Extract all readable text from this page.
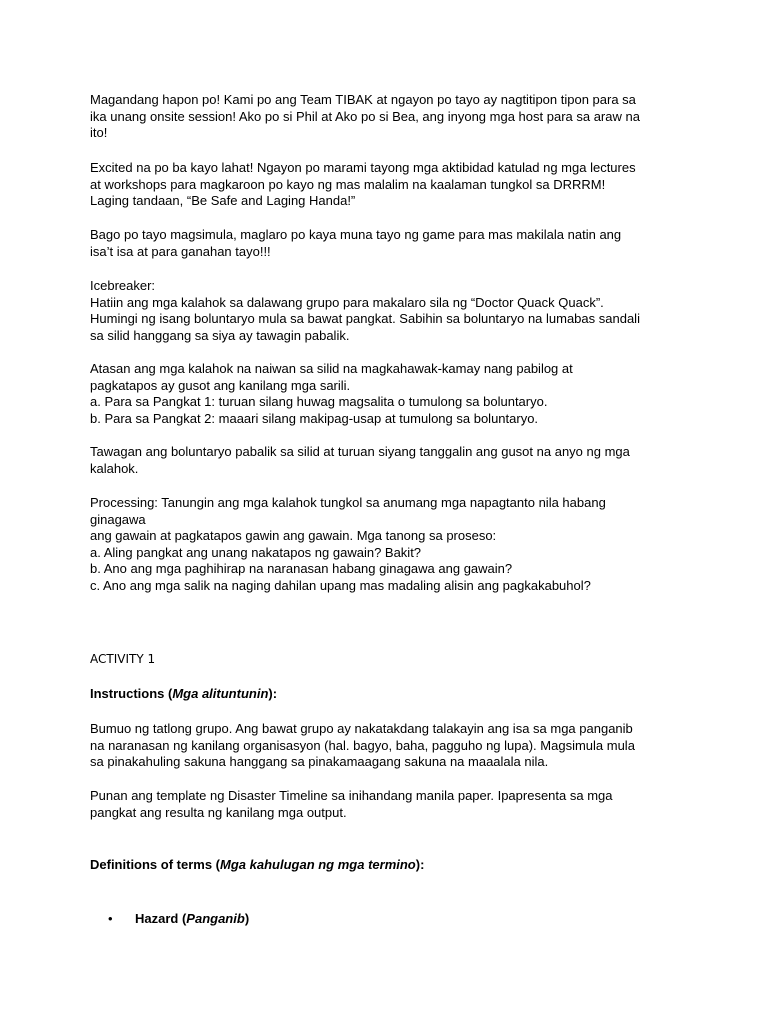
Magandang hapon po! Kami po ang Team TIBAK at ngayon po tayo ay nagtitipon tipon para sa
ika unang onsite session! Ako po si Phil at Ako po si Bea, ang inyong mga host para sa araw na
ito!

Excited na po ba kayo lahat! Ngayon po marami tayong mga aktibidad katulad ng mga lectures
at workshops para magkaroon po kayo ng mas malalim na kaalaman tungkol sa DRRRM!
Laging tandaan, “Be Safe and Laging Handa!”

Bago po tayo magsimula, maglaro po kaya muna tayo ng game para mas makilala natin ang
isa’t isa at para ganahan tayo!!!

Icebreaker:
Hatiin ang mga kalahok sa dalawang grupo para makalaro sila ng “Doctor Quack Quack”.
Humingi ng isang boluntaryo mula sa bawat pangkat. Sabihin sa boluntaryo na lumabas sandali
sa silid hanggang sa siya ay tawagin pabalik.

Atasan ang mga kalahok na naiwan sa silid na magkahawak-kamay nang pabilog at
pagkatapos ay gusot ang kanilang mga sarili.
a. Para sa Pangkat 1: turuan silang huwag magsalita o tumulong sa boluntaryo.
b. Para sa Pangkat 2: maaari silang makipag-usap at tumulong sa boluntaryo.

Tawagan ang boluntaryo pabalik sa silid at turuan siyang tanggalin ang gusot na anyo ng mga
kalahok.

Processing: Tanungin ang mga kalahok tungkol sa anumang mga napagtanto nila habang
ginagawa
ang gawain at pagkatapos gawin ang gawain. Mga tanong sa proseso:
a. Aling pangkat ang unang nakatapos ng gawain? Bakit?
b. Ano ang mga paghihirap na naranasan habang ginagawa ang gawain?
c. Ano ang mga salik na naging dahilan upang mas madaling alisin ang pagkakabuhol?

ACTIVITY 1
Instructions (Mga alituntunin):

Bumuo ng tatlong grupo. Ang bawat grupo ay nakatakdang talakayin ang isa sa mga panganib
na naranasan ng kanilang organisasyon (hal. bagyo, baha, pagguho ng lupa). Magsimula mula
sa pinakahuling sakuna hanggang sa pinakamaagang sakuna na maaalala nila.

Punan ang template ng Disaster Timeline sa inihandang manila paper. Ipapresenta sa mga
pangkat ang resulta ng kanilang mga output.

Definitions of terms (Mga kahulugan ng mga termino):
• Hazard (Panganib)
